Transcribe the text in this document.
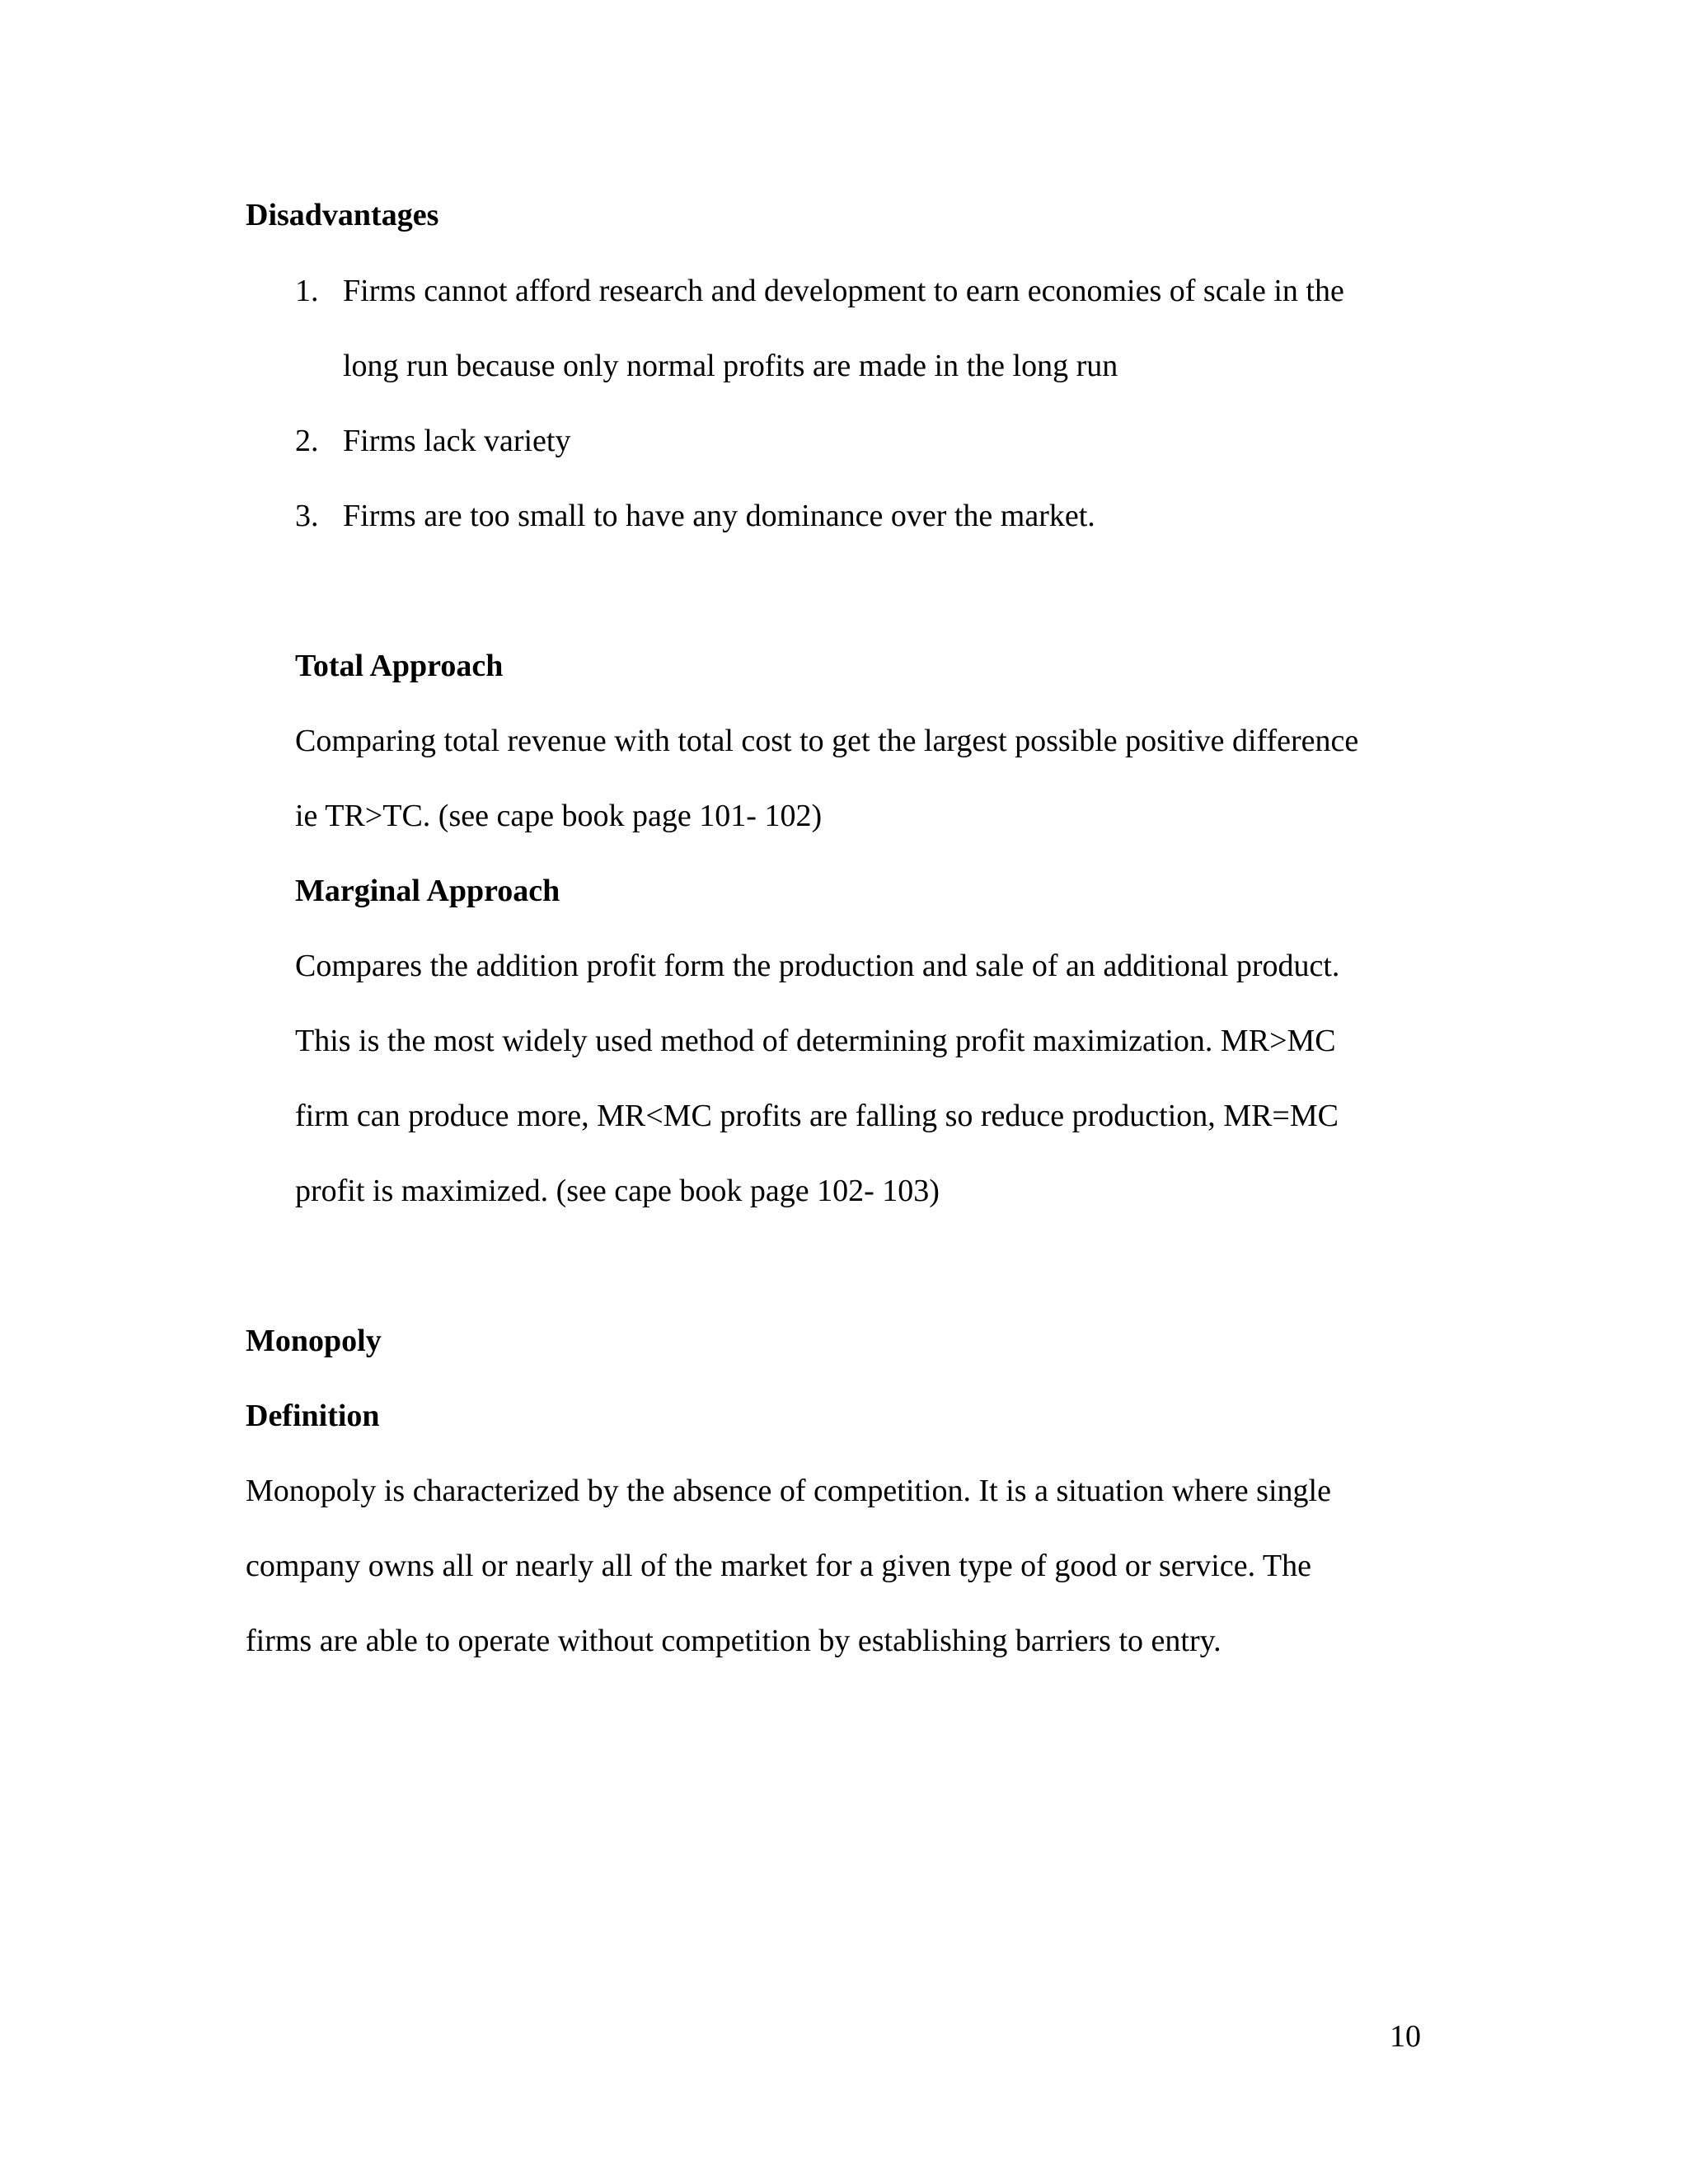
Disadvantages
1. Firms cannot afford research and development to earn economies of scale in the
long run because only normal profits are made in the long run
2. Firms lack variety
3. Firms are too small to have any dominance over the market.
Total Approach
Comparing total revenue with total cost to get the largest possible positive difference
ie TR>TC. (see cape book page 101- 102)
Marginal Approach
Compares the addition profit form the production and sale of an additional product.
This is the most widely used method of determining profit maximization. MR>MC
firm can produce more, MR<MC profits are falling so reduce production, MR=MC
profit is maximized. (see cape book page 102- 103)
Monopoly
Definition
Monopoly is characterized by the absence of competition. It is a situation where single
company owns all or nearly all of the market for a given type of good or service. The
firms are able to operate without competition by establishing barriers to entry.
10
